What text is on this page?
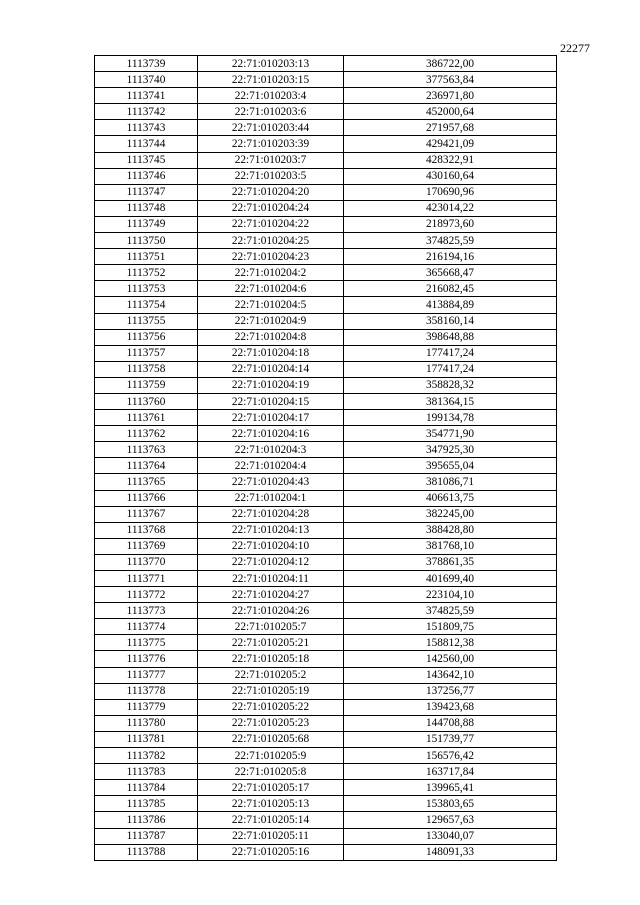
22277
1113739	22:71:010203:13	386722,00
1113740	22:71:010203:15	377563,84
1113741	22:71:010203:4	236971,80
1113742	22:71:010203:6	452000,64
1113743	22:71:010203:44	271957,68
1113744	22:71:010203:39	429421,09
1113745	22:71:010203:7	428322,91
1113746	22:71:010203:5	430160,64
1113747	22:71:010204:20	170690,96
1113748	22:71:010204:24	423014,22
1113749	22:71:010204:22	218973,60
1113750	22:71:010204:25	374825,59
1113751	22:71:010204:23	216194,16
1113752	22:71:010204:2	365668,47
1113753	22:71:010204:6	216082,45
1113754	22:71:010204:5	413884,89
1113755	22:71:010204:9	358160,14
1113756	22:71:010204:8	398648,88
1113757	22:71:010204:18	177417,24
1113758	22:71:010204:14	177417,24
1113759	22:71:010204:19	358828,32
1113760	22:71:010204:15	381364,15
1113761	22:71:010204:17	199134,78
1113762	22:71:010204:16	354771,90
1113763	22:71:010204:3	347925,30
1113764	22:71:010204:4	395655,04
1113765	22:71:010204:43	381086,71
1113766	22:71:010204:1	406613,75
1113767	22:71:010204:28	382245,00
1113768	22:71:010204:13	388428,80
1113769	22:71:010204:10	381768,10
1113770	22:71:010204:12	378861,35
1113771	22:71:010204:11	401699,40
1113772	22:71:010204:27	223104,10
1113773	22:71:010204:26	374825,59
1113774	22:71:010205:7	151809,75
1113775	22:71:010205:21	158812,38
1113776	22:71:010205:18	142560,00
1113777	22:71:010205:2	143642,10
1113778	22:71:010205:19	137256,77
1113779	22:71:010205:22	139423,68
1113780	22:71:010205:23	144708,88
1113781	22:71:010205:68	151739,77
1113782	22:71:010205:9	156576,42
1113783	22:71:010205:8	163717,84
1113784	22:71:010205:17	139965,41
1113785	22:71:010205:13	153803,65
1113786	22:71:010205:14	129657,63
1113787	22:71:010205:11	133040,07
1113788	22:71:010205:16	148091,33
